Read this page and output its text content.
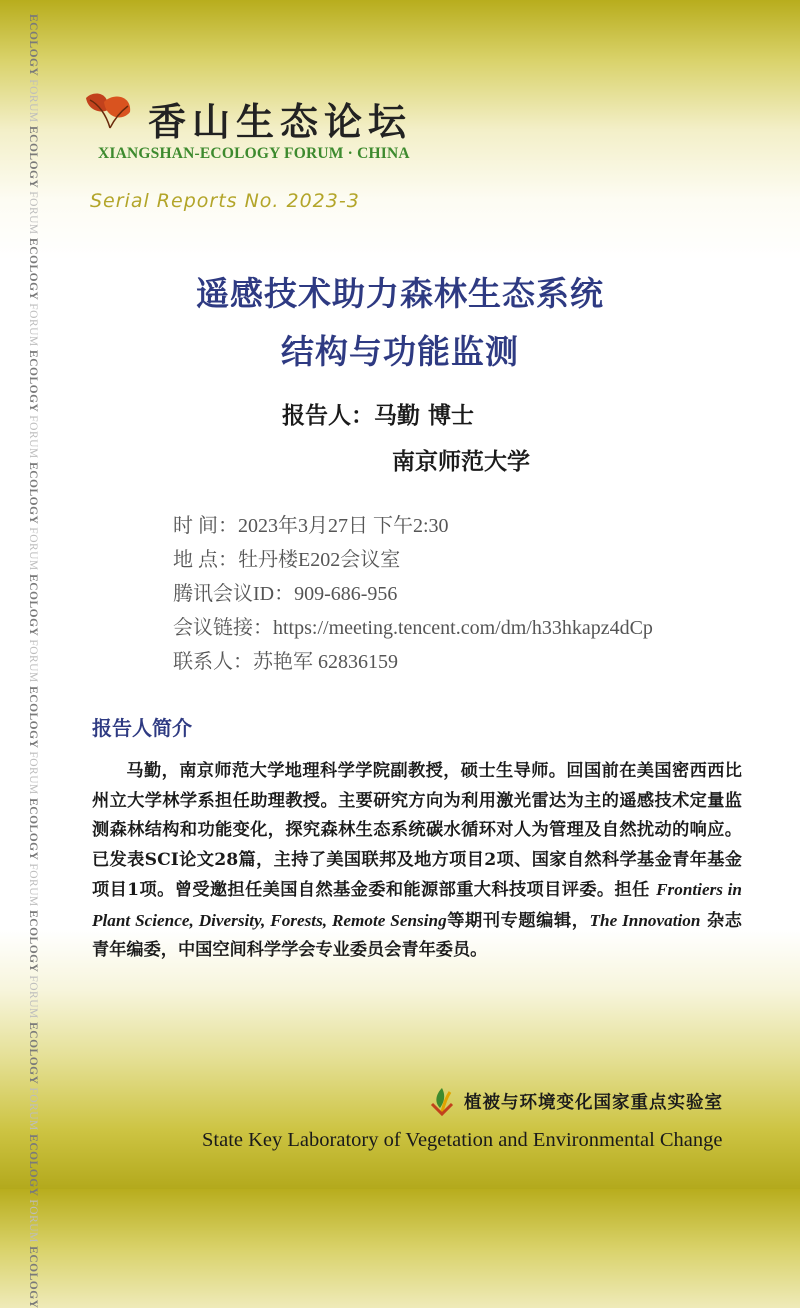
ECOLOGY FORUM ECOLOGY FORUM ECOLOGY FORUM ECOLOGY FORUM ECOLOGY FORUM ECOLOGY FORUM ECOLOGY FORUM ECOLOGY FORUM ECOLOGY FORUM ECOLOGY FORUM ECOLOGY FORUM ECOLOGY
香山生态论坛
XIANGSHAN-ECOLOGY FORUM · CHINA
Serial Reports No. 2023-3
遥感技术助力森林生态系统
结构与功能监测
报告人：马勤 博士
南京师范大学
时 间：2023年3月27日 下午2:30
地 点：牡丹楼E202会议室
腾讯会议ID：909-686-956
会议链接：https://meeting.tencent.com/dm/h33hkapz4dCp
联系人：苏艳军 62836159
报告人简介
马勤，南京师范大学地理科学学院副教授，硕士生导师。回国前在美国密西西比州立大学林学系担任助理教授。主要研究方向为利用激光雷达为主的遥感技术定量监测森林结构和功能变化，探究森林生态系统碳水循环对人为管理及自然扰动的响应。已发表SCI论文28篇，主持了美国联邦及地方项目2项、国家自然科学基金青年基金项目1项。曾受邀担任美国自然基金委和能源部重大科技项目评委。担任 Frontiers in Plant Science, Diversity, Forests, Remote Sensing等期刊专题编辑，The Innovation 杂志青年编委，中国空间科学学会专业委员会青年委员。
植被与环境变化国家重点实验室
State Key Laboratory of Vegetation and Environmental Change
